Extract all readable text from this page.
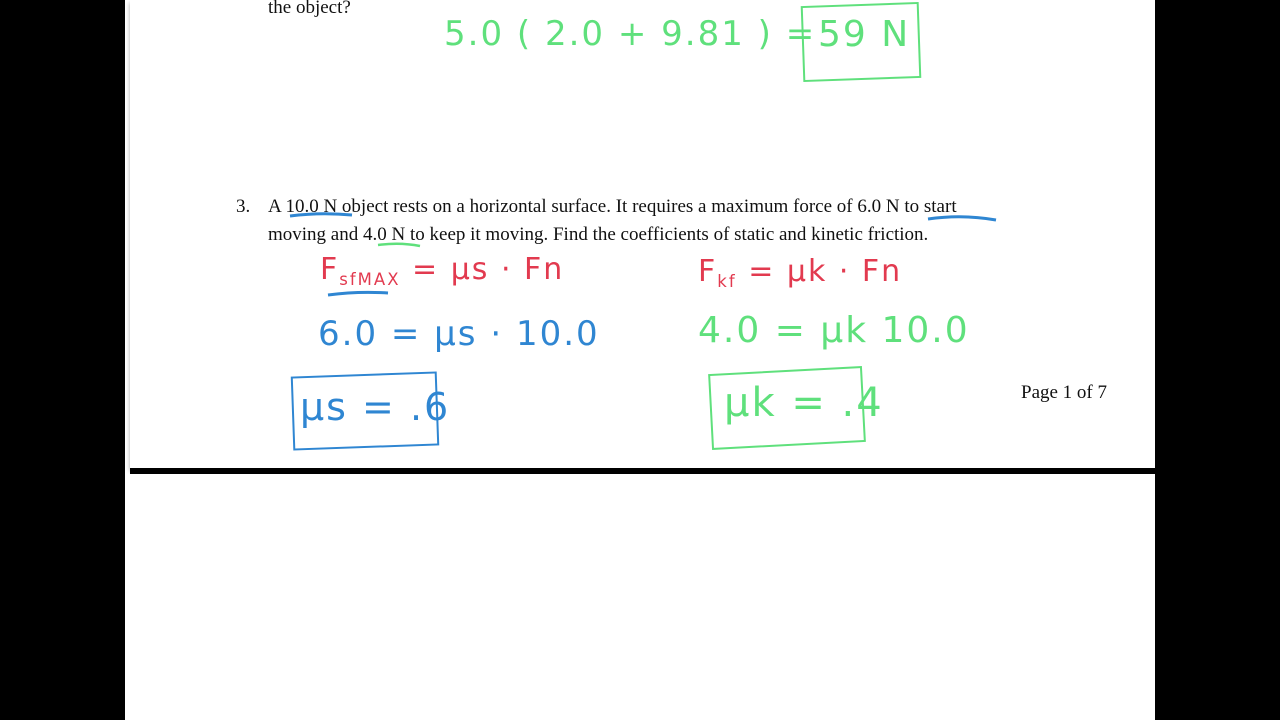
the object?
5.0 ( 2.0 + 9.81 ) = 59 N
3. A 10.0 N object rests on a horizontal surface. It requires a maximum force of 6.0 N to start
moving and 4.0 N to keep it moving. Find the coefficients of static and kinetic friction.
$F_{sfMAX} = \mu s \cdot Fn$
6.0 = μs · 10.0
μs = .6
$F_{kf} = \mu k \cdot Fn$
4.0 = μk 10.0
μk = .4	Page 1 of 7
